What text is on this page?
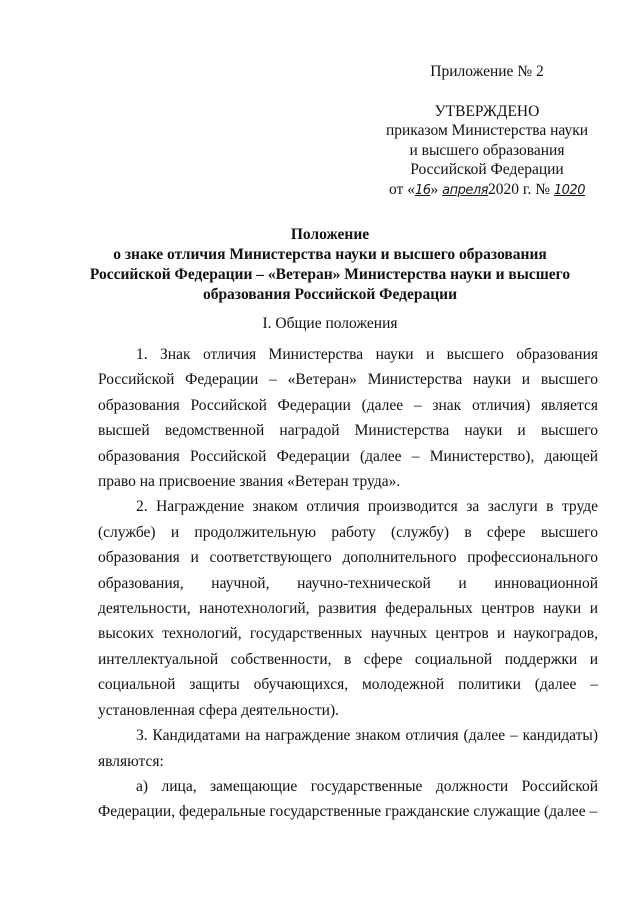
Приложение № 2
УТВЕРЖДЕНО
приказом Министерства науки
и высшего образования
Российской Федерации
от «16» апреля2020 г. № 1020
Положение
о знаке отличия Министерства науки и высшего образования
Российской Федерации – «Ветеран» Министерства науки и высшего
образования Российской Федерации
I. Общие положения

1. Знак отличия Министерства науки и высшего образования Российской Федерации – «Ветеран» Министерства науки и высшего образования Российской Федерации (далее – знак отличия) является высшей ведомственной наградой Министерства науки и высшего образования Российской Федерации (далее – Министерство), дающей право на присвоение звания «Ветеран труда».

2. Награждение знаком отличия производится за заслуги в труде (службе) и продолжительную работу (службу) в сфере высшего образования и соответствующего дополнительного профессионального образования, научной, научно-технической и инновационной деятельности, нанотехнологий, развития федеральных центров науки и высоких технологий, государственных научных центров и наукоградов, интеллектуальной собственности, в сфере социальной поддержки и социальной защиты обучающихся, молодежной политики (далее – установленная сфера деятельности).

3. Кандидатами на награждение знаком отличия (далее – кандидаты) являются:

а) лица, замещающие государственные должности Российской Федерации, федеральные государственные гражданские служащие (далее –
